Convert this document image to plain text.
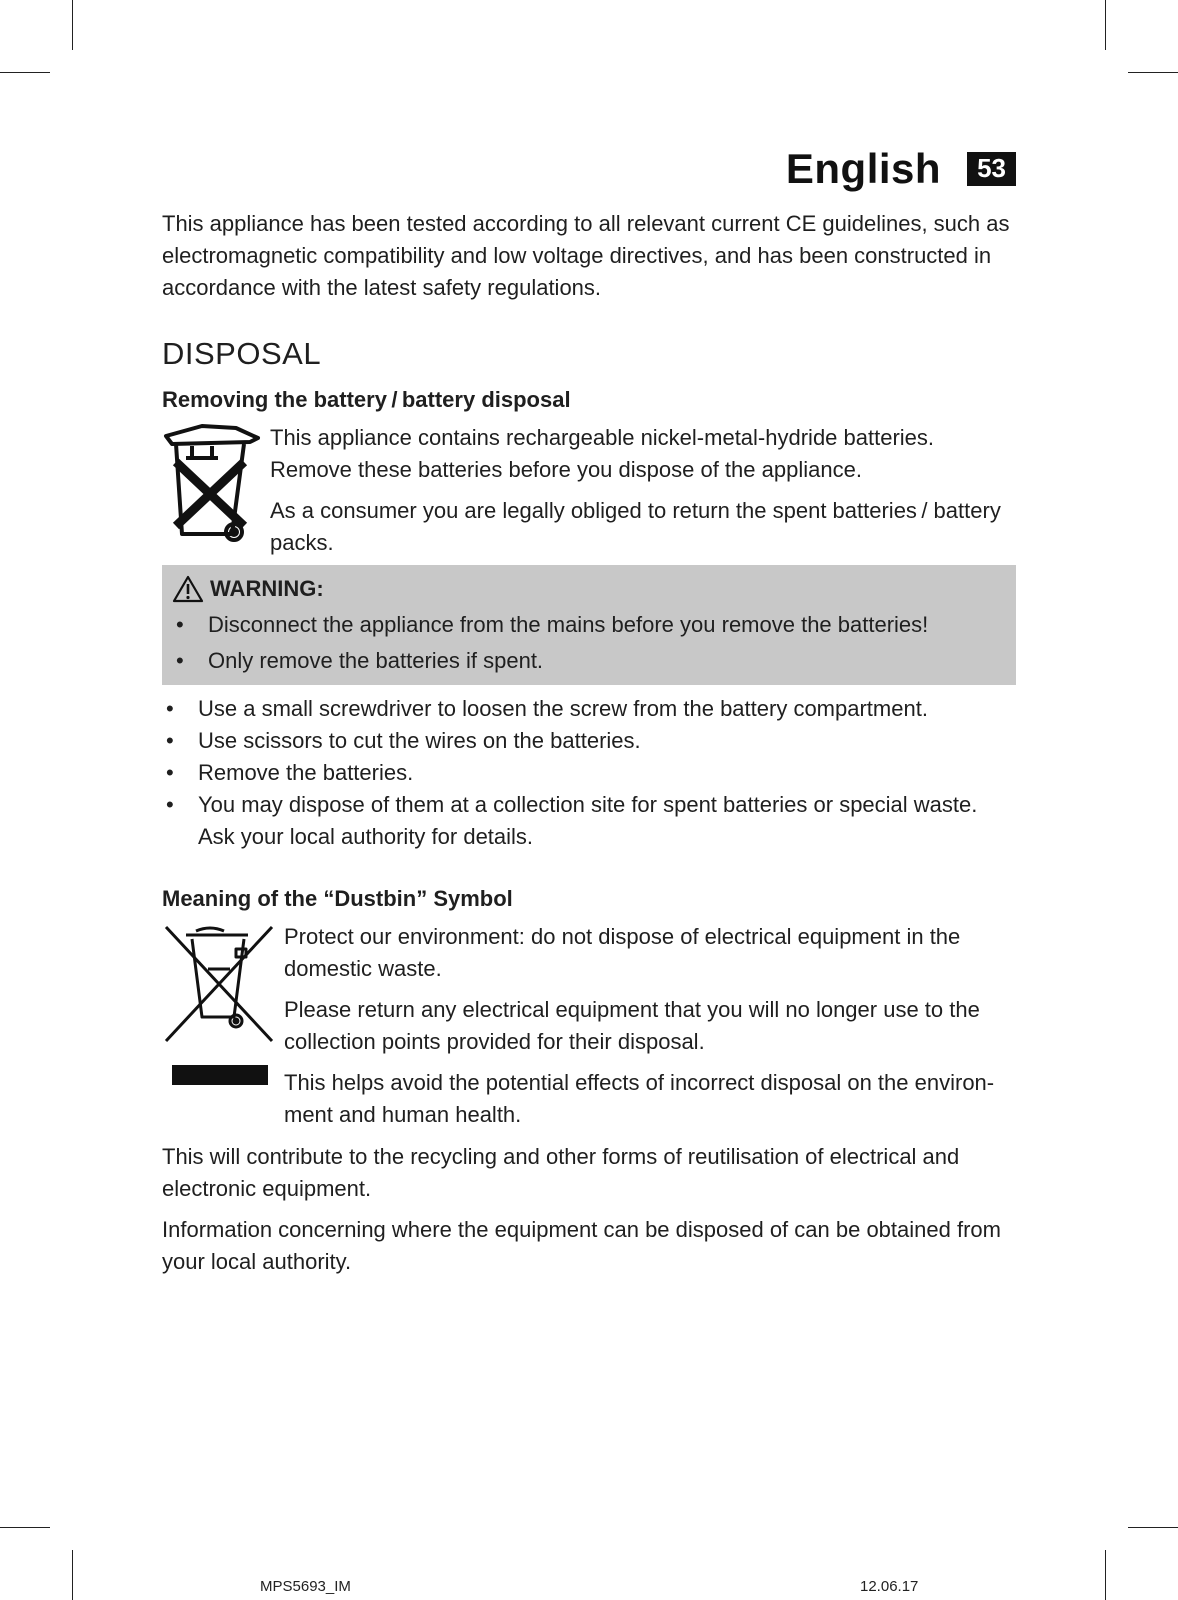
English	53

This appliance has been tested according to all relevant current CE guidelines, such as electromagnetic compatibility and low voltage directives, and has been constructed in accordance with the latest safety regulations.

DISPOSAL
Removing the battery / battery disposal

This appliance contains rechargeable nickel-metal-hydride batteries. Remove these batteries before you dispose of the appliance.

As a consumer you are legally obliged to return the spent batteries / battery packs.

WARNING:
• Disconnect the appliance from the mains before you remove the batteries!
• Only remove the batteries if spent.
• Use a small screwdriver to loosen the screw from the battery compartment.
• Use scissors to cut the wires on the batteries.
• Remove the batteries.
• You may dispose of them at a collection site for spent batteries or special waste. Ask your local authority for details.
Meaning of the “Dustbin” Symbol

Protect our environment: do not dispose of electrical equipment in the domestic waste.

Please return any electrical equipment that you will no longer use to the collection points provided for their disposal.

This helps avoid the potential effects of incorrect disposal on the environment and human health.

This will contribute to the recycling and other forms of reutilisation of electrical and electronic equipment.

Information concerning where the equipment can be disposed of can be obtained from your local authority.

MPS5693_IM	12.06.17
